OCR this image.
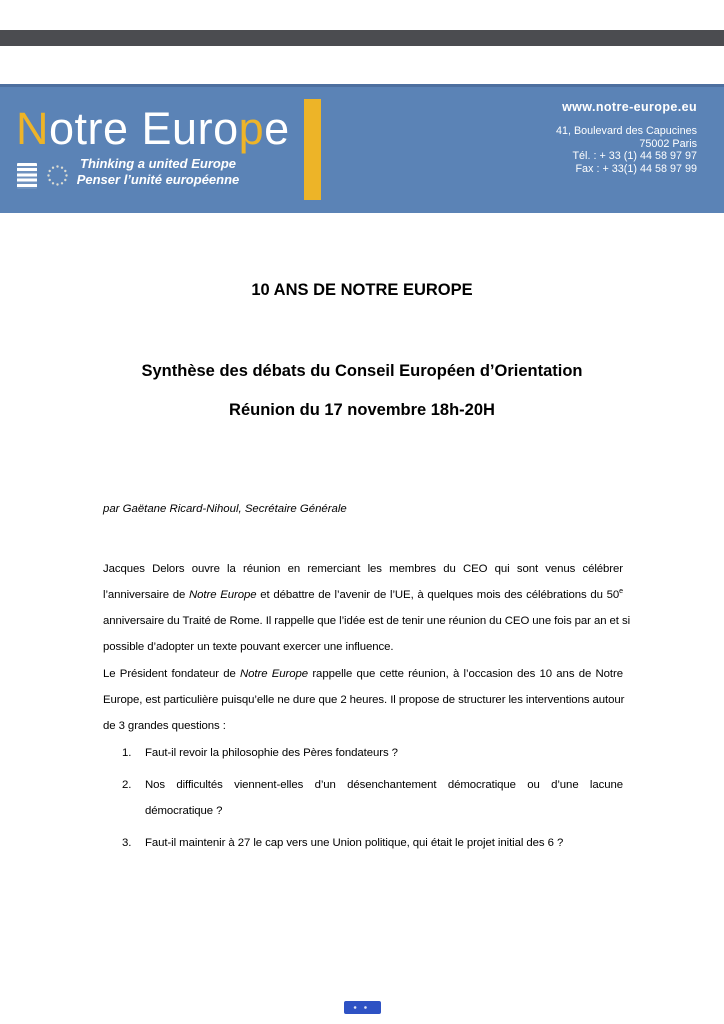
Notre Europe
Thinking a united Europe
Penser l’unité européenne
www.notre-europe.eu
41, Boulevard des Capucines
75002 Paris
Tél. : + 33 (1) 44 58 97 97
Fax : + 33(1) 44 58 97 99
10 ANS DE NOTRE EUROPE
Synthèse des débats du Conseil Européen d’Orientation
Réunion du 17 novembre 18h-20H
par Gaëtane Ricard-Nihoul, Secrétaire Générale
Jacques Delors ouvre la réunion en remerciant les membres du CEO qui sont venus célébrer
l’anniversaire de Notre Europe et débattre de l’avenir de l’UE, à quelques mois des célébrations du 50e
anniversaire du Traité de Rome. Il rappelle que l’idée est de tenir une réunion du CEO une fois par an et si
possible d’adopter un texte pouvant exercer une influence.
Le Président fondateur de Notre Europe rappelle que cette réunion, à l’occasion des 10 ans de Notre
Europe, est particulière puisqu’elle ne dure que 2 heures. Il propose de structurer les interventions autour
de 3 grandes questions :
1.	Faut-il revoir la philosophie des Pères fondateurs ?
2.	Nos difficultés viennent-elles d’un désenchantement démocratique ou d’une lacune
démocratique ?
3.	Faut-il maintenir à 27 le cap vers une Union politique, qui était le projet initial des 6 ?
